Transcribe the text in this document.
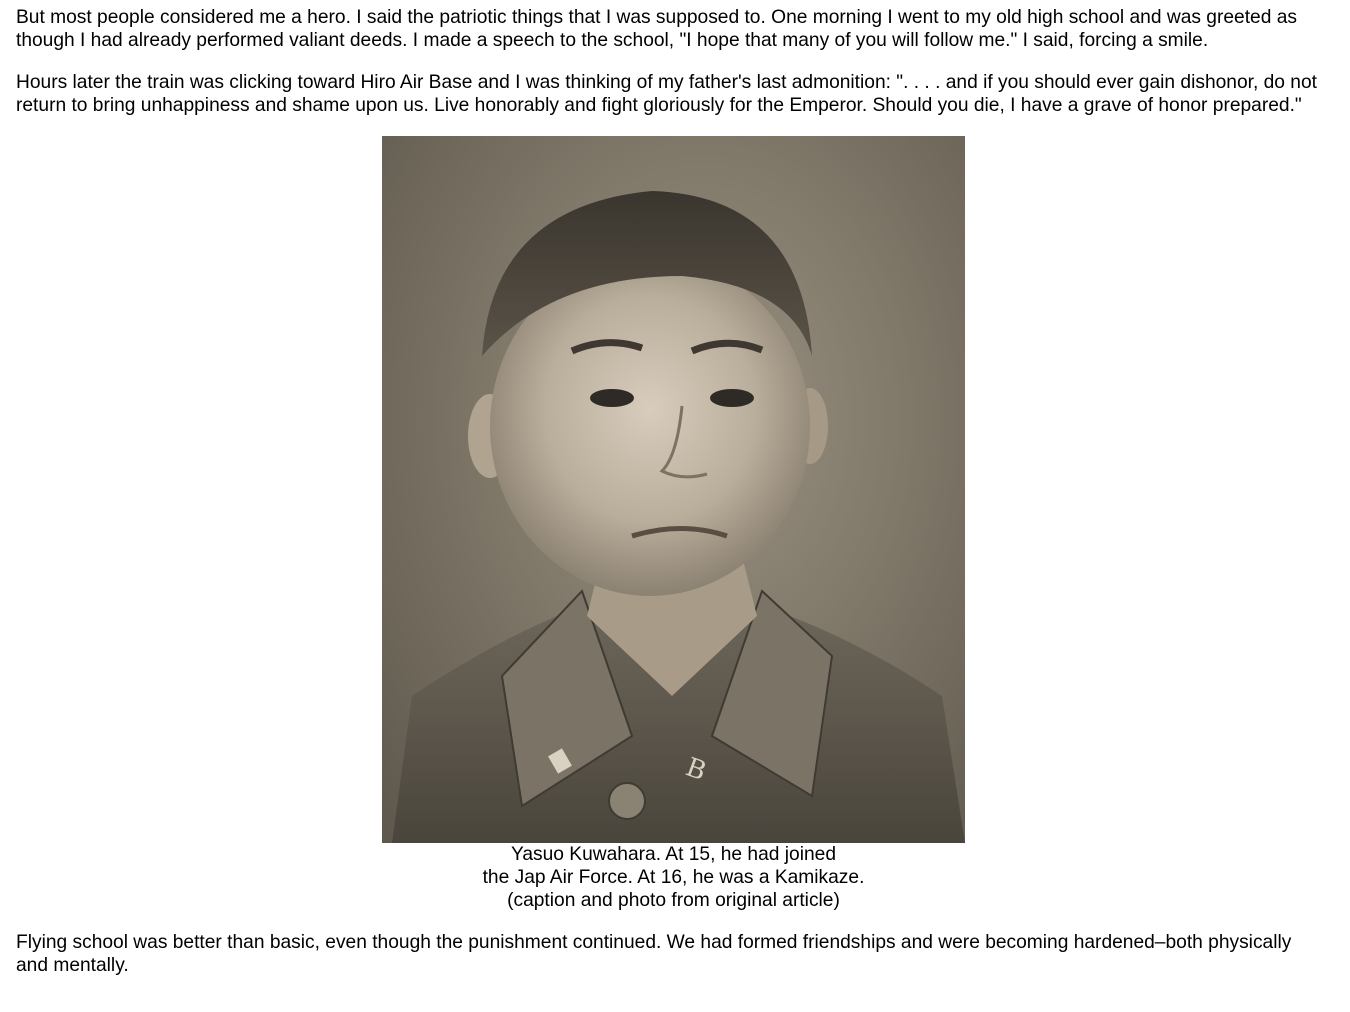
But most people considered me a hero. I said the patriotic things that I was supposed to. One morning I went to my old high school and was greeted as though I had already performed valiant deeds. I made a speech to the school, "I hope that many of you will follow me." I said, forcing a smile.

Hours later the train was clicking toward Hiro Air Base and I was thinking of my father's last admonition: ". . . . and if you should ever gain dishonor, do not return to bring unhappiness and shame upon us. Live honorably and fight gloriously for the Emperor. Should you die, I have a grave of honor prepared."

B
Yasuo Kuwahara. At 15, he had joined
the Jap Air Force. At 16, he was a Kamikaze.
(caption and photo from original article)

Flying school was better than basic, even though the punishment continued. We had formed friendships and were becoming hardened–both physically and mentally.
